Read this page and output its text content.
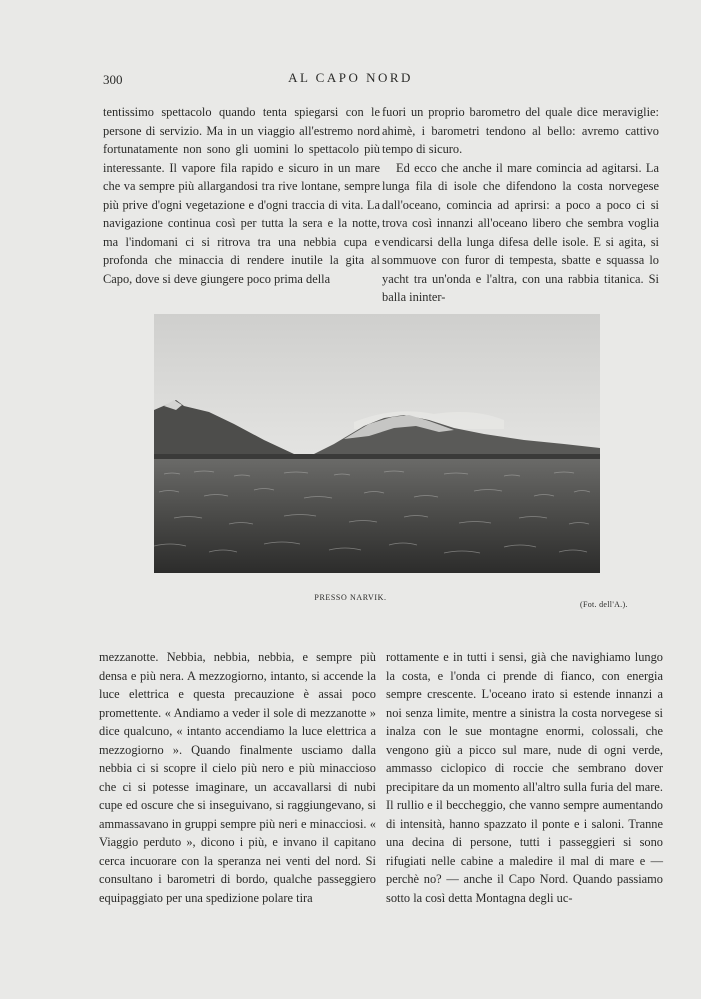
300	AL CAPO NORD

tentissimo spettacolo quando tenta spiegarsi con le persone di servizio. Ma in un viaggio all'estremo nord fortunatamente non sono gli uomini lo spettacolo più interessante. Il vapore fila rapido e sicuro in un mare che va sempre più allargandosi tra rive lontane, sempre più prive d'ogni vegetazione e d'ogni traccia di vita. La navigazione continua così per tutta la sera e la notte, ma l'indomani ci si ritrova tra una nebbia cupa e profonda che minaccia di rendere inutile la gita al Capo, dove si deve giungere poco prima della

fuori un proprio barometro del quale dice meraviglie: ahimè, i barometri tendono al bello: avremo cattivo tempo di sicuro.

Ed ecco che anche il mare comincia ad agitarsi. La lunga fila di isole che difendono la costa norvegese dall'oceano, comincia ad aprirsi: a poco a poco ci si trova così innanzi all'oceano libero che sembra voglia vendicarsi della lunga difesa delle isole. E si agita, si sommuove con furor di tempesta, sbatte e squassa lo yacht tra un'onda e l'altra, con una rabbia titanica. Si balla ininter-

PRESSO NARVIK.
(Fot. dell'A.).

mezzanotte. Nebbia, nebbia, nebbia, e sempre più densa e più nera. A mezzogiorno, intanto, si accende la luce elettrica e questa precauzione è assai poco promettente. « Andiamo a veder il sole di mezzanotte » dice qualcuno, « intanto accendiamo la luce elettrica a mezzogiorno ». Quando finalmente usciamo dalla nebbia ci si scopre il cielo più nero e più minaccioso che ci si potesse imaginare, un accavallarsi di nubi cupe ed oscure che si inseguivano, si raggiungevano, si ammassavano in gruppi sempre più neri e minacciosi. « Viaggio perduto », dicono i più, e invano il capitano cerca incuorare con la speranza nei venti del nord. Si consultano i barometri di bordo, qualche passeggiero equipaggiato per una spedizione polare tira

rottamente e in tutti i sensi, già che navighiamo lungo la costa, e l'onda ci prende di fianco, con energia sempre crescente. L'oceano irato si estende innanzi a noi senza limite, mentre a sinistra la costa norvegese si inalza con le sue montagne enormi, colossali, che vengono giù a picco sul mare, nude di ogni verde, ammasso ciclopico di roccie che sembrano dover precipitare da un momento all'altro sulla furia del mare. Il rullio e il beccheggio, che vanno sempre aumentando di intensità, hanno spazzato il ponte e i saloni. Tranne una decina di persone, tutti i passeggieri si sono rifugiati nelle cabine a maledire il mal di mare e — perchè no? — anche il Capo Nord. Quando passiamo sotto la così detta Montagna degli uc-
